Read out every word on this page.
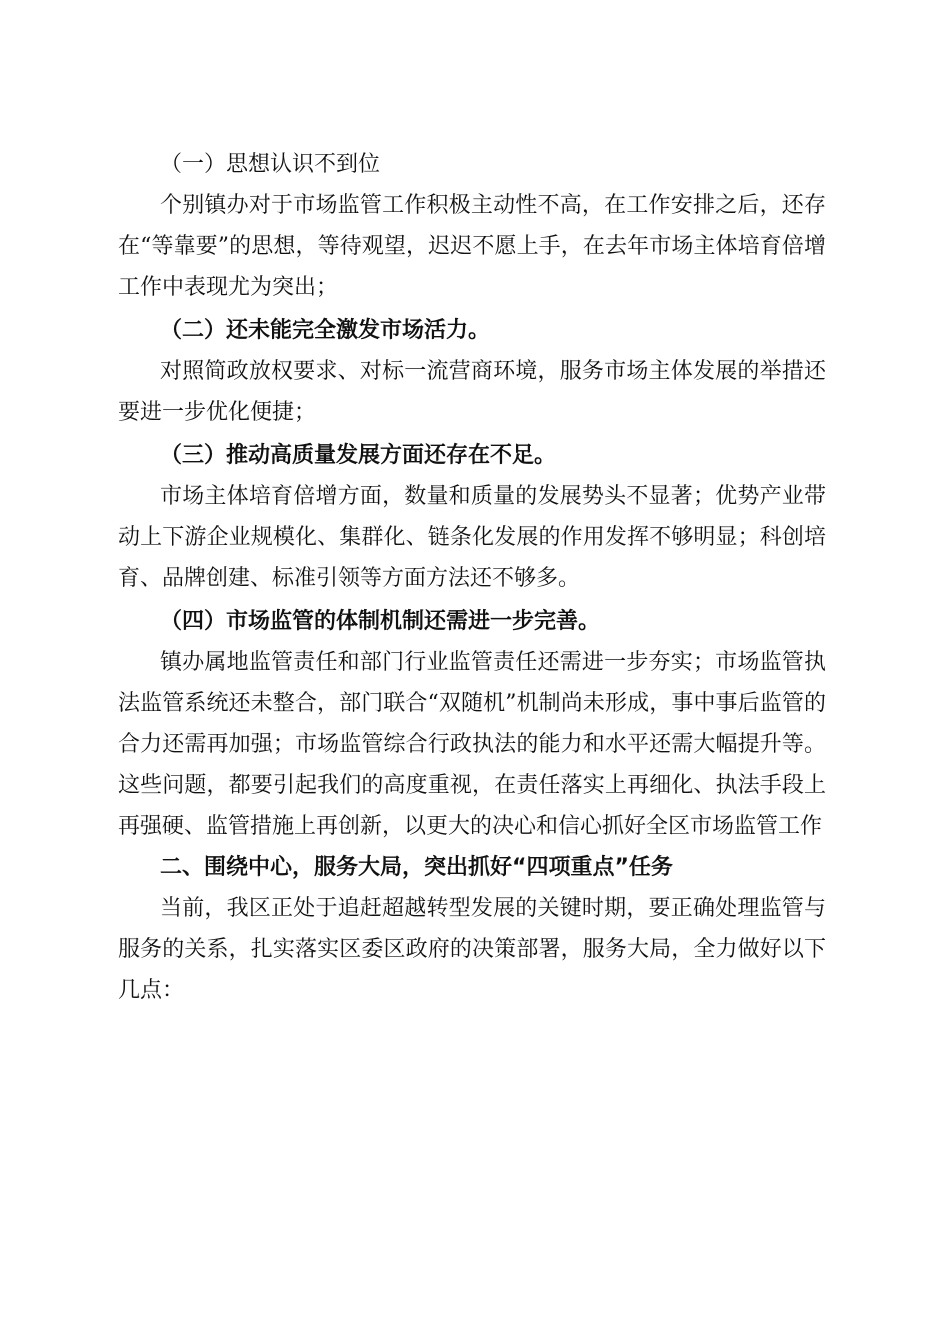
（一）思想认识不到位

个别镇办对于市场监管工作积极主动性不高，在工作安排之后，还存在“等靠要”的思想，等待观望，迟迟不愿上手，在去年市场主体培育倍增工作中表现尤为突出；

（二）还未能完全激发市场活力。

对照简政放权要求、对标一流营商环境，服务市场主体发展的举措还要进一步优化便捷；

（三）推动高质量发展方面还存在不足。

市场主体培育倍增方面，数量和质量的发展势头不显著；优势产业带动上下游企业规模化、集群化、链条化发展的作用发挥不够明显；科创培育、品牌创建、标准引领等方面方法还不够多。

（四）市场监管的体制机制还需进一步完善。

镇办属地监管责任和部门行业监管责任还需进一步夯实；市场监管执法监管系统还未整合，部门联合“双随机”机制尚未形成，事中事后监管的合力还需再加强；市场监管综合行政执法的能力和水平还需大幅提升等。这些问题，都要引起我们的高度重视，在责任落实上再细化、执法手段上再强硬、监管措施上再创新，以更大的决心和信心抓好全区市场监管工作

二、围绕中心，服务大局，突出抓好“四项重点”任务

当前，我区正处于追赶超越转型发展的关键时期，要正确处理监管与服务的关系，扎实落实区委区政府的决策部署，服务大局，全力做好以下几点：
